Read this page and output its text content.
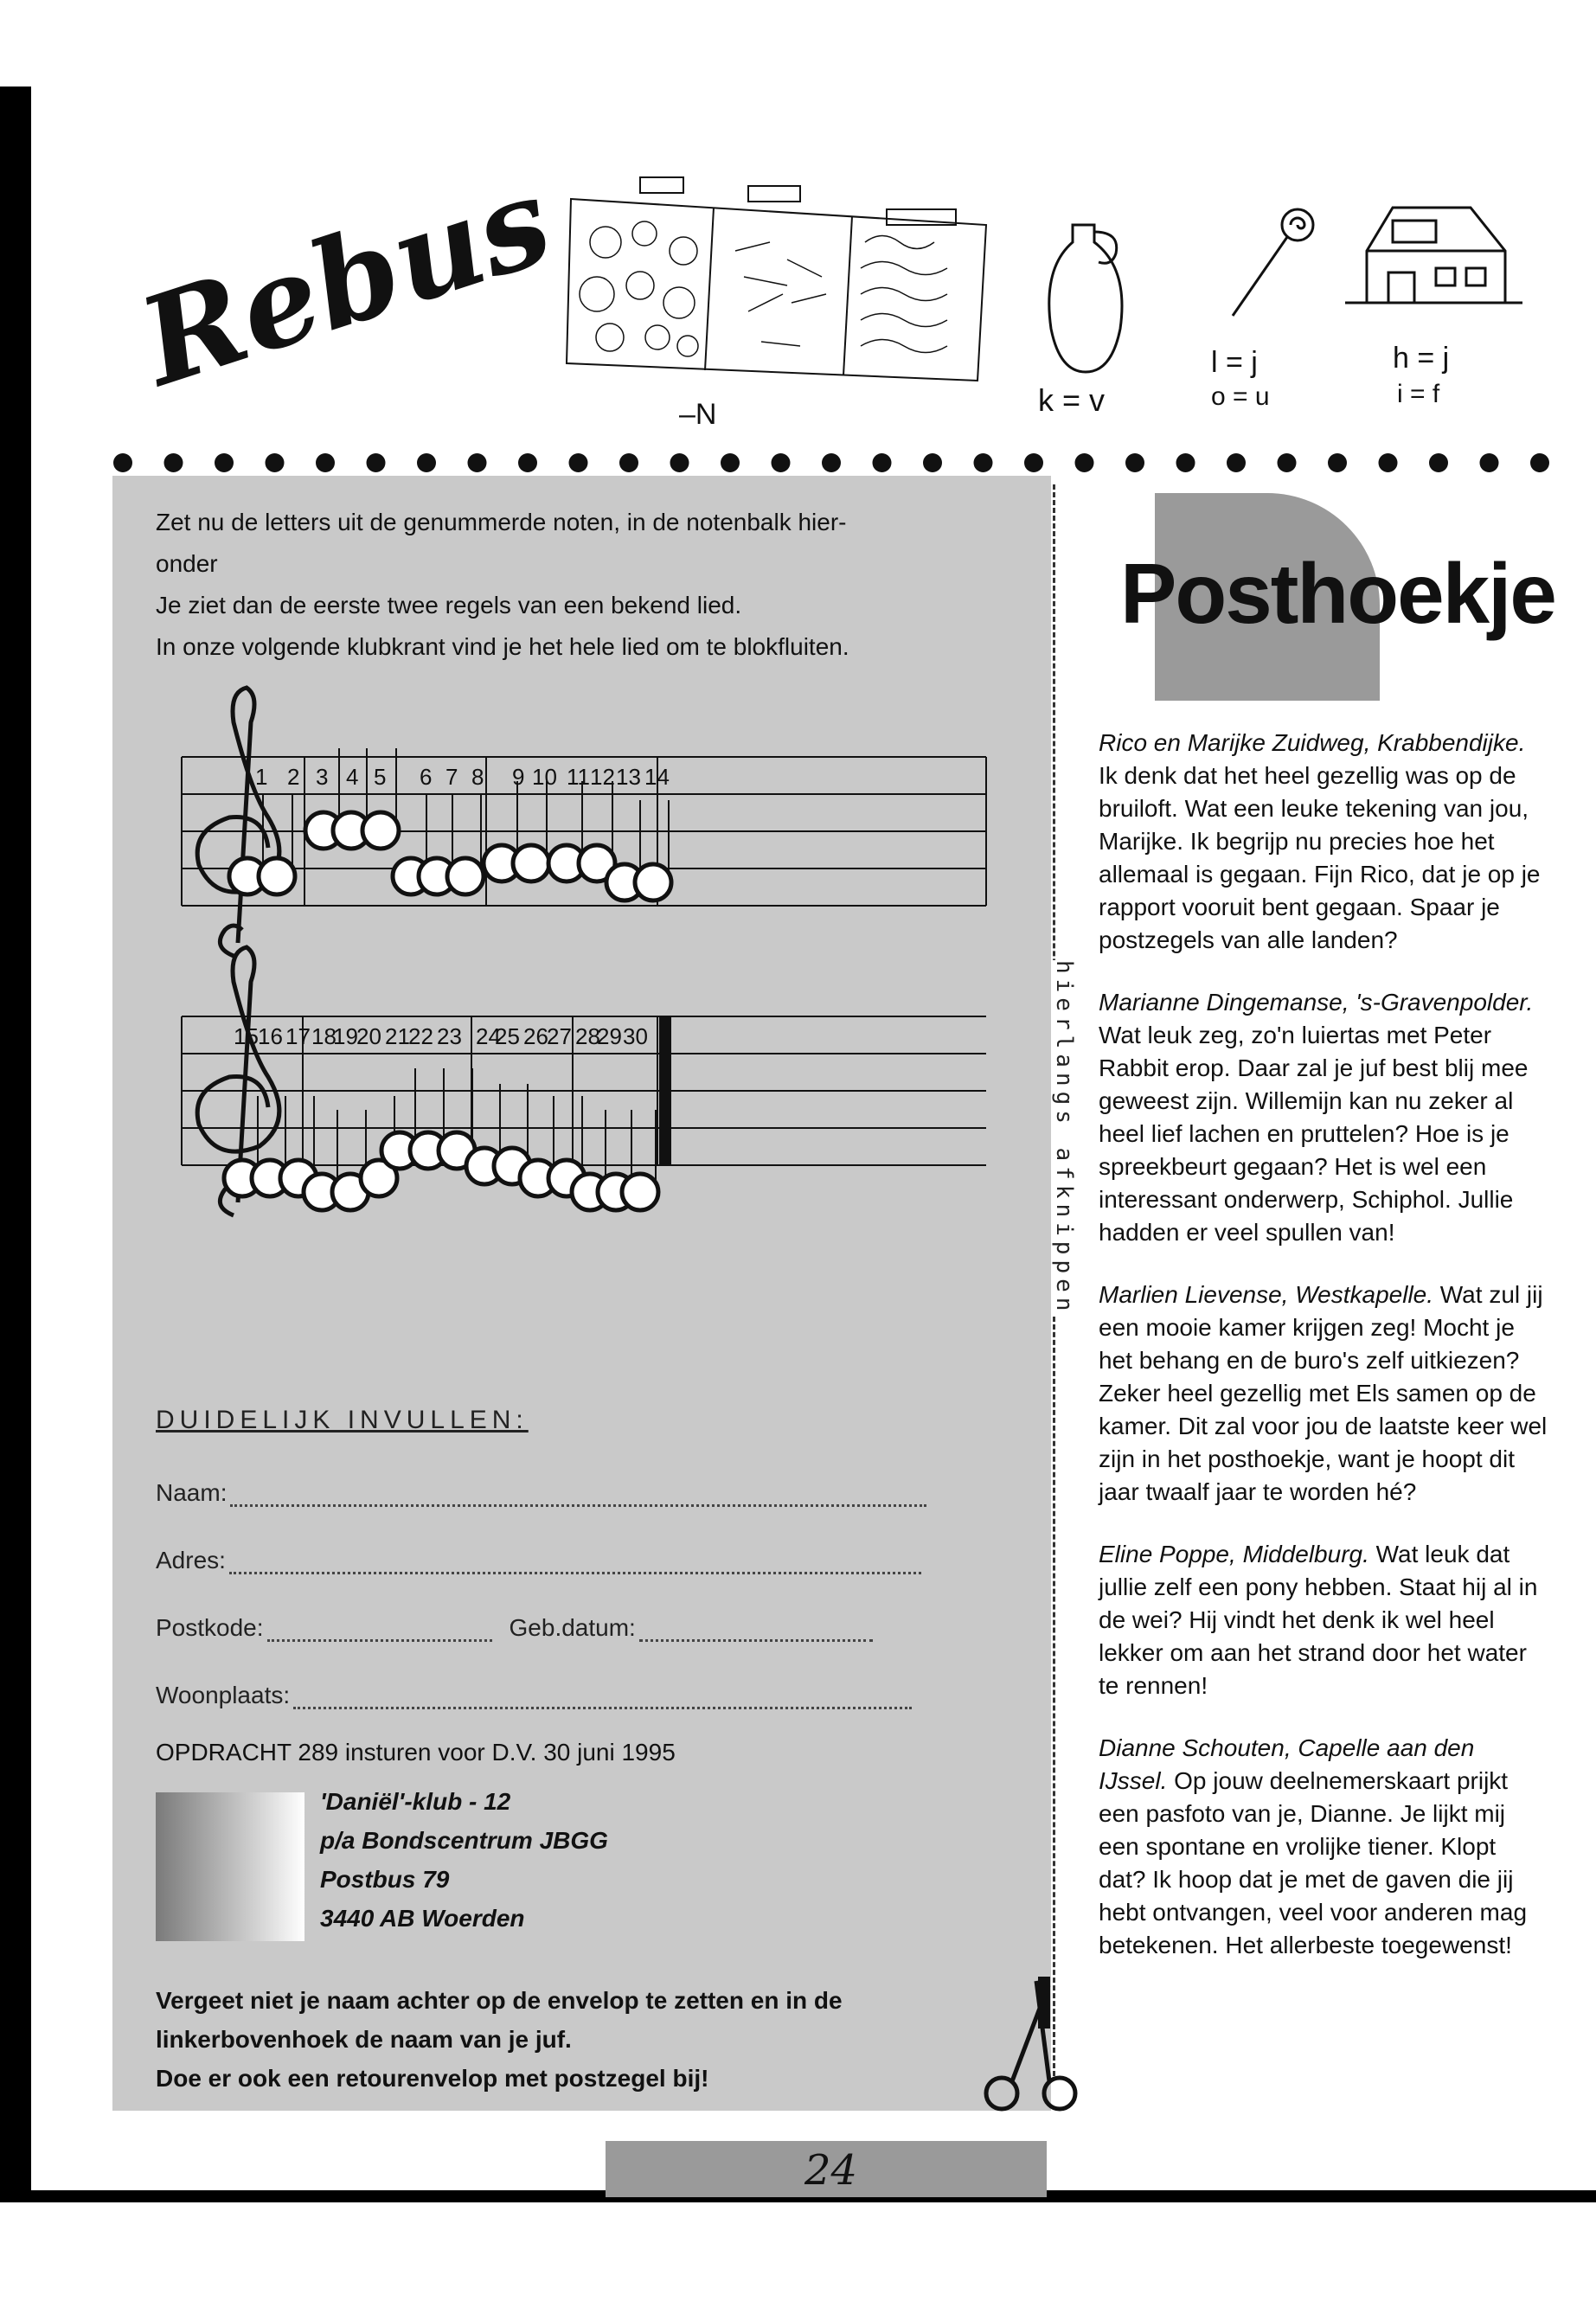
Rebus
–N	k = v
l = j
o = u
h = j
i = f

Zet nu de letters uit de genummerde noten, in de notenbalk hier-

onder

Je ziet dan de eerste twee regels van een bekend lied.

In onze volgende klubkrant vind je het hele lied om te blokfluiten.

1 2 3 4 5 6 7 8 9 10 11 12 13 14
15 16 17 18
19
20 21
22 23 24
25 26
27 28
29 30
DUIDELIJK INVULLEN:
Naam:
Adres:
Postkode:	Geb.datum:
Woonplaats:
OPDRACHT 289 insturen voor D.V. 30 juni 1995
'Daniël'-klub - 12
p/a Bondscentrum JBGG
Postbus 79
3440 AB Woerden

Vergeet niet je naam achter op de envelop te zetten en in de

linkerbovenhoek de naam van je juf.

Doe er ook een retourenvelop met postzegel bij!

hierlangs afknippen
Posthoekje

Rico en Marijke Zuidweg, Krabbendijke. Ik denk dat het heel gezellig was op de bruiloft. Wat een leuke tekening van jou, Marijke. Ik begrijp nu precies hoe het allemaal is gegaan. Fijn Rico, dat je op je rapport vooruit bent gegaan. Spaar je postzegels van alle landen?

Marianne Dingemanse, 's-Gravenpolder. Wat leuk zeg, zo'n luiertas met Peter Rabbit erop. Daar zal je juf best blij mee geweest zijn. Willemijn kan nu zeker al heel lief lachen en pruttelen? Hoe is je spreekbeurt gegaan? Het is wel een interessant onderwerp, Schiphol. Jullie hadden er veel spullen van!

Marlien Lievense, Westkapelle. Wat zul jij een mooie kamer krijgen zeg! Mocht je het behang en de buro's zelf uitkiezen? Zeker heel gezellig met Els samen op de kamer. Dit zal voor jou de laatste keer wel zijn in het posthoekje, want je hoopt dit jaar twaalf jaar te worden hé?

Eline Poppe, Middelburg. Wat leuk dat jullie zelf een pony hebben. Staat hij al in de wei? Hij vindt het denk ik wel heel lekker om aan het strand door het water te rennen!

Dianne Schouten, Capelle aan den IJssel. Op jouw deelnemerskaart prijkt een pasfoto van je, Dianne. Je lijkt mij een spontane en vrolijke tiener. Klopt dat? Ik hoop dat je met de gaven die jij hebt ontvangen, veel voor anderen mag betekenen. Het allerbeste toegewenst!

24
